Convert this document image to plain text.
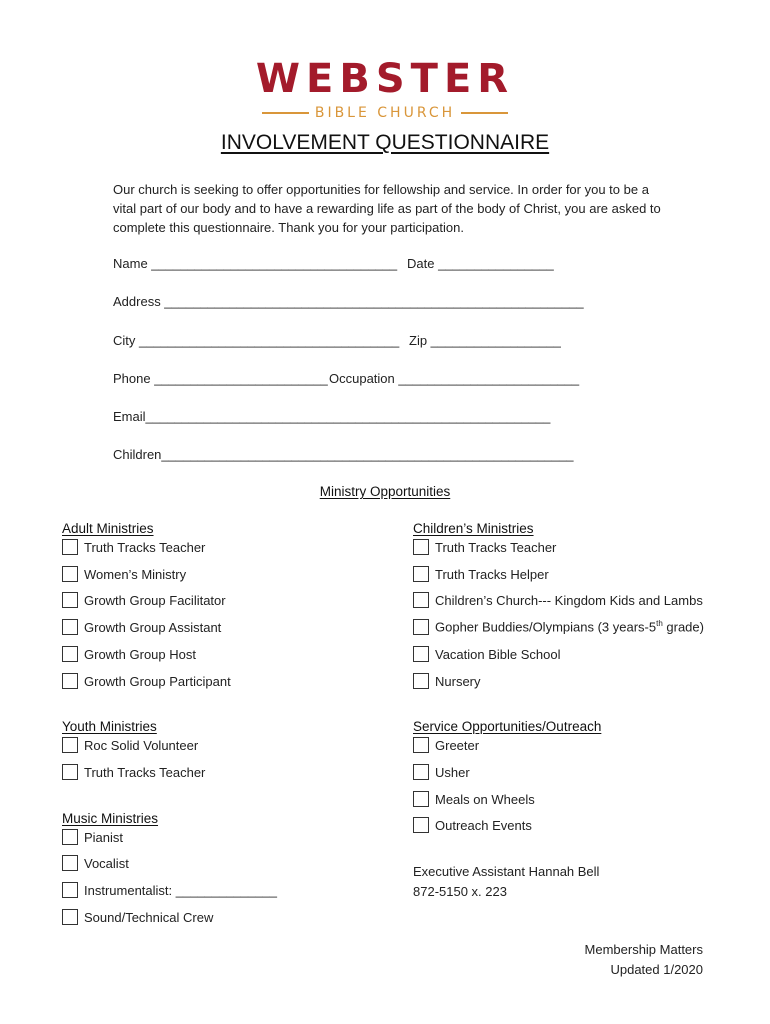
WEBSTER
BIBLE CHURCH
INVOLVEMENT QUESTIONNAIRE
Our church is seeking to offer opportunities for fellowship and service. In order for you to be a vital part of our body and to have a rewarding life as part of the body of Christ, you are asked to complete this questionnaire. Thank you for your participation.
Name __________________________________ Date ________________
Address __________________________________________________________
City ____________________________________ Zip __________________
Phone ________________________ Occupation _________________________
Email________________________________________________________
Children_________________________________________________________
Ministry Opportunities
Adult Ministries
Truth Tracks Teacher
Women’s Ministry
Growth Group Facilitator
Growth Group Assistant
Growth Group Host
Growth Group Participant
Children’s Ministries
Truth Tracks Teacher
Truth Tracks Helper
Children’s Church--- Kingdom Kids and Lambs
Gopher Buddies/Olympians (3 years-5th grade)
Vacation Bible School
Nursery
Youth Ministries
Roc Solid Volunteer
Truth Tracks Teacher
Service Opportunities/Outreach
Greeter
Usher
Meals on Wheels
Outreach Events
Music Ministries
Pianist
Vocalist
Instrumentalist: ______________
Sound/Technical Crew
Executive Assistant Hannah Bell
872-5150 x. 223
Membership Matters
Updated 1/2020
